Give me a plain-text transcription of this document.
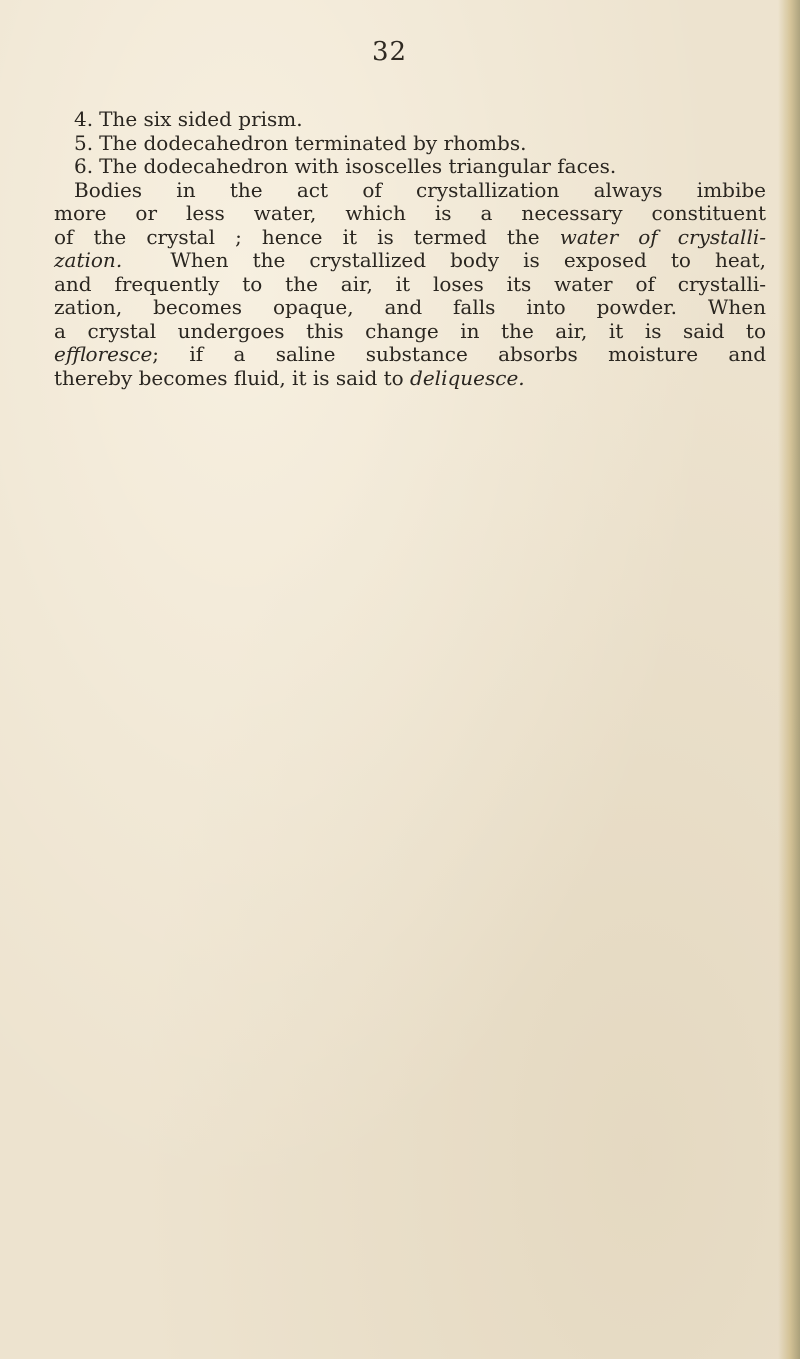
32
4. The six sided prism.
5. The dodecahedron terminated by rhombs.
6. The dodecahedron with isoscelles triangular faces.
Bodies in the act of crystallization always imbibe
more or less water, which is a necessary constituent
of the crystal ; hence it is termed the water of crystalli-
zation. When the crystallized body is exposed to heat,
and frequently to the air, it loses its water of crystalli-
zation, becomes opaque, and falls into powder. When
a crystal undergoes this change in the air, it is said to
effloresce; if a saline substance absorbs moisture and
thereby becomes fluid, it is said to deliquesce.
